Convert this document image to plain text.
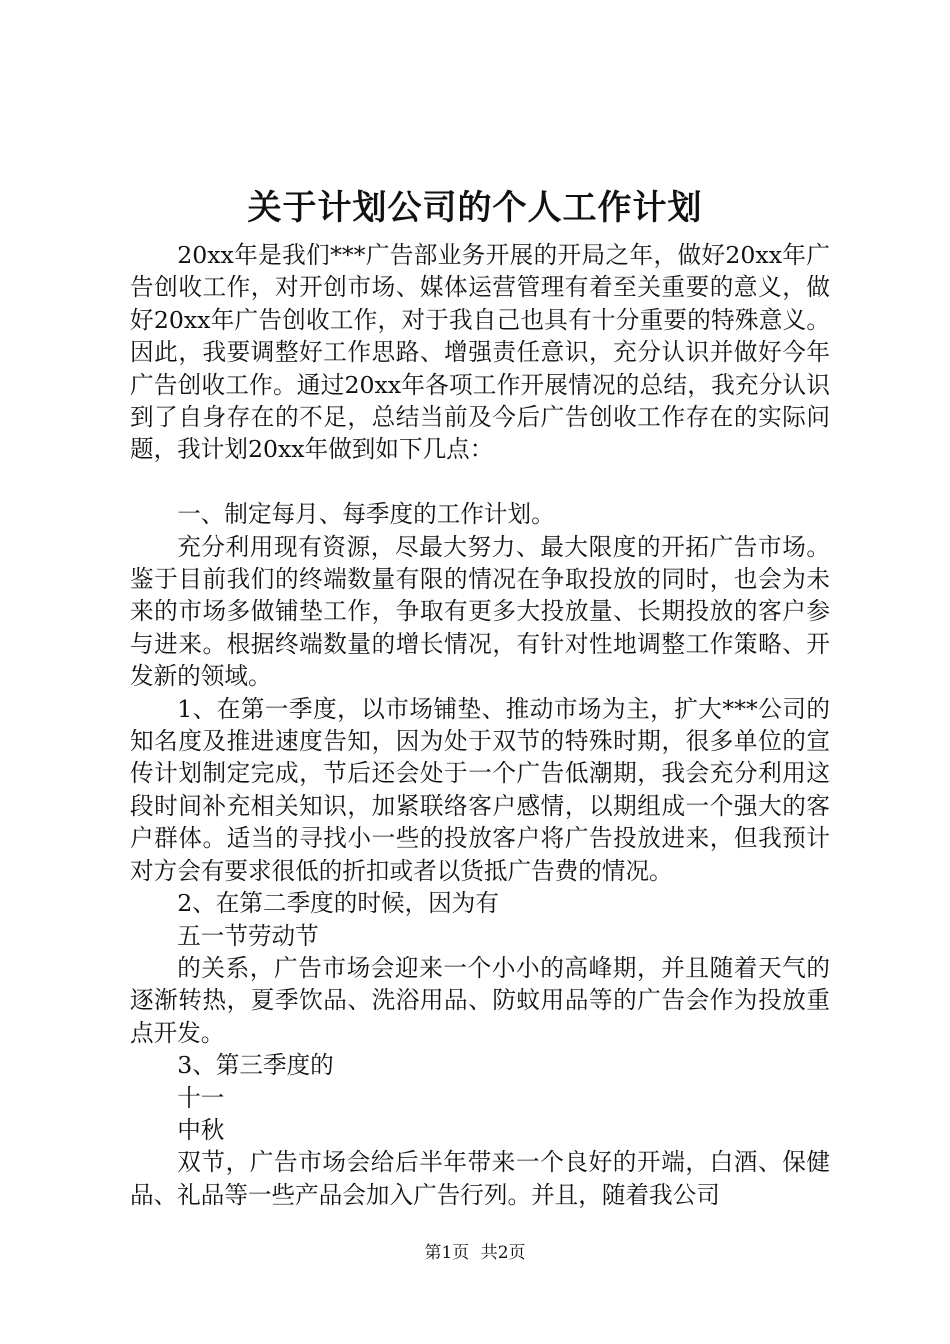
关于计划公司的个人工作计划

20xx年是我们***广告部业务开展的开局之年，做好20xx年广告创收工作，对开创市场、媒体运营管理有着至关重要的意义，做好20xx年广告创收工作，对于我自己也具有十分重要的特殊意义。因此，我要调整好工作思路、增强责任意识，充分认识并做好今年广告创收工作。通过20xx年各项工作开展情况的总结，我充分认识到了自身存在的不足，总结当前及今后广告创收工作存在的实际问题，我计划20xx年做到如下几点：

一、制定每月、每季度的工作计划。

充分利用现有资源，尽最大努力、最大限度的开拓广告市场。鉴于目前我们的终端数量有限的情况在争取投放的同时，也会为未来的市场多做铺垫工作，争取有更多大投放量、长期投放的客户参与进来。根据终端数量的增长情况，有针对性地调整工作策略、开发新的领域。

1、在第一季度，以市场铺垫、推动市场为主，扩大***公司的知名度及推进速度告知，因为处于双节的特殊时期，很多单位的宣传计划制定完成，节后还会处于一个广告低潮期，我会充分利用这段时间补充相关知识，加紧联络客户感情，以期组成一个强大的客户群体。适当的寻找小一些的投放客户将广告投放进来，但我预计对方会有要求很低的折扣或者以货抵广告费的情况。

2、在第二季度的时候，因为有

五一节劳动节

的关系，广告市场会迎来一个小小的高峰期，并且随着天气的逐渐转热，夏季饮品、洗浴用品、防蚊用品等的广告会作为投放重点开发。

3、第三季度的

十一

中秋

双节，广告市场会给后半年带来一个良好的开端，白酒、保健品、礼品等一些产品会加入广告行列。并且，随着我公司

第1页 共2页
